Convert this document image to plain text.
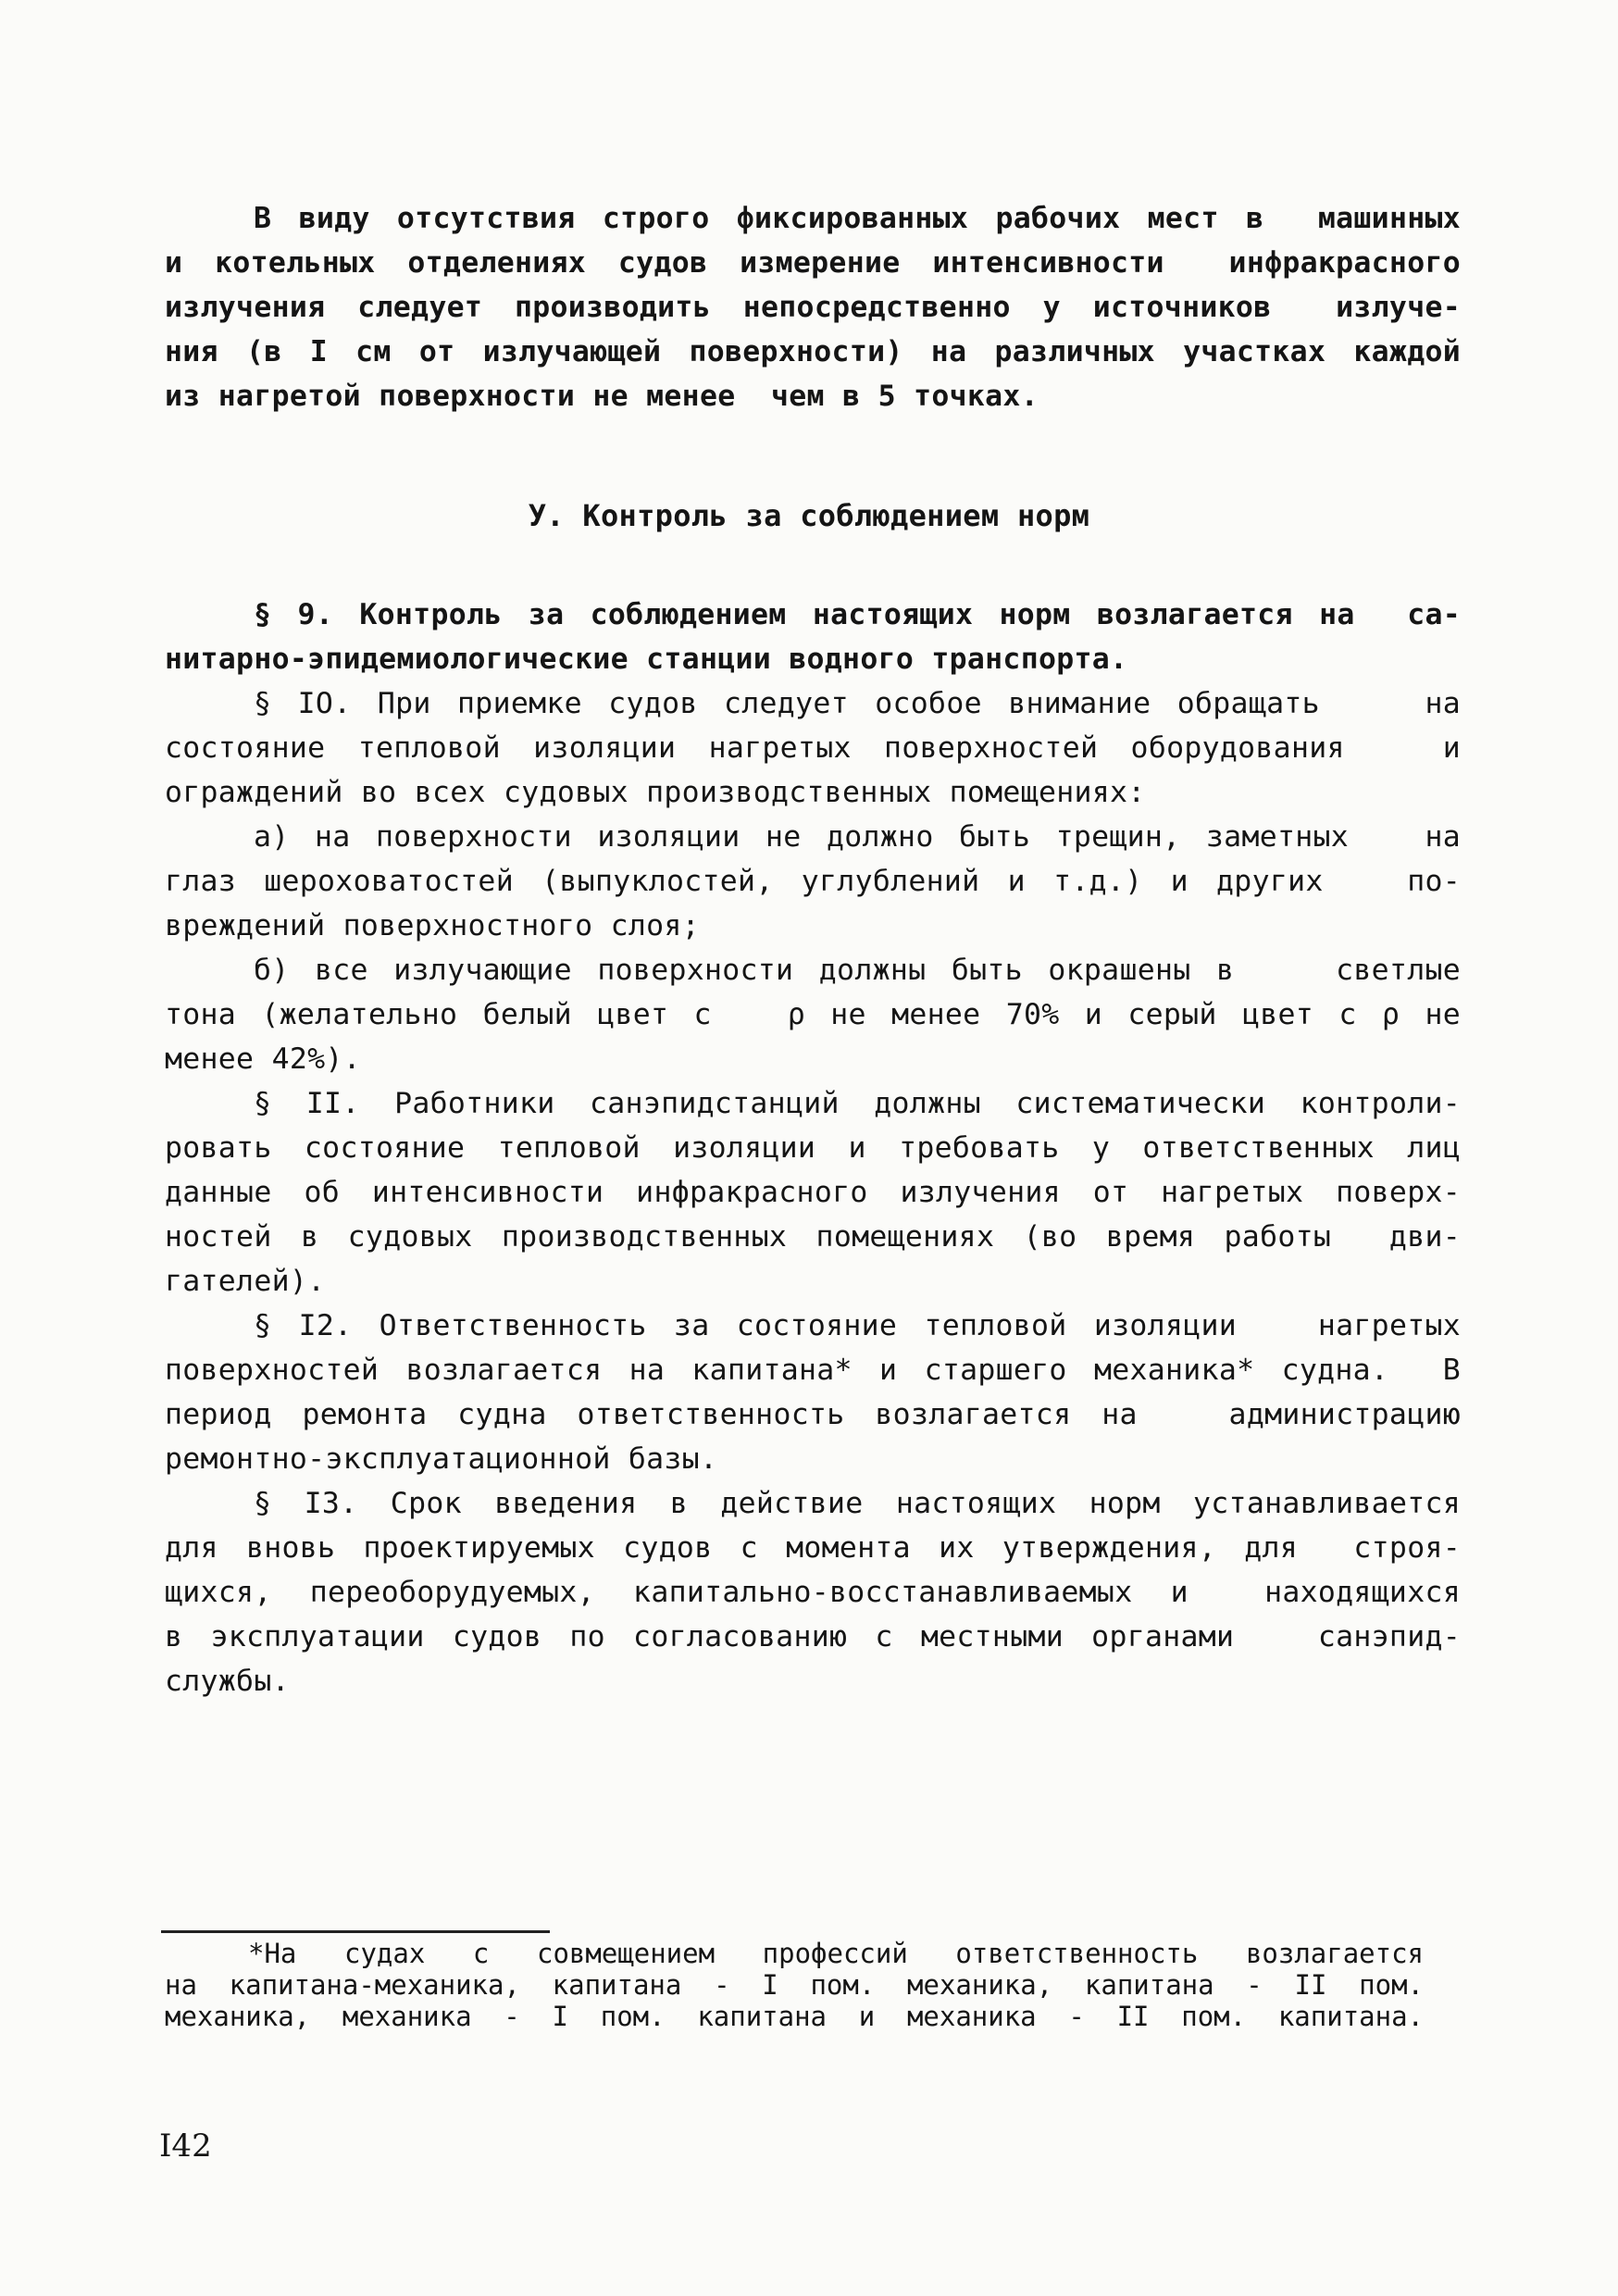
В виду отсутствия строго фиксированных рабочих мест в  машинных
и котельных отделениях судов измерение интенсивности  инфракрасного
излучения следует производить непосредственно у источников  излуче-
ния (в I см от излучающей поверхности) на различных участках каждой
из нагретой поверхности не менее  чем в 5 точках.
У. Контроль за соблюдением норм
§ 9. Контроль за соблюдением настоящих норм возлагается на  са-
нитарно-эпидемиологические станции водного транспорта.
§ IO. При приемке судов следует особое внимание обращать    на
состояние тепловой изоляции нагретых поверхностей оборудования   и
ограждений во всех судовых производственных помещениях:
а) на поверхности изоляции не должно быть трещин, заметных   на
глаз шероховатостей (выпуклостей, углублений и т.д.) и других   по-
вреждений поверхностного слоя;
б) все излучающие поверхности должны быть окрашены в    светлые
тона (желательно белый цвет с   ρ не менее 70% и серый цвет с ρ не
менее 42%).
§ II. Работники санэпидстанций должны систематически контроли-
ровать состояние тепловой изоляции и требовать у ответственных лиц
данные об интенсивности инфракрасного излучения от нагретых поверх-
ностей в судовых производственных помещениях (во время работы  дви-
гателей).
§ I2. Ответственность за состояние тепловой изоляции   нагретых
поверхностей возлагается на капитана* и старшего механика* судна.  В
период ремонта судна ответственность возлагается на   администрацию
ремонтно-эксплуатационной базы.
§ I3. Срок введения в действие настоящих норм устанавливается
для вновь проектируемых судов с момента их утверждения, для  строя-
щихся, переоборудуемых, капитально-восстанавливаемых и  находящихся
в эксплуатации судов по согласованию с местными органами   санэпид-
службы.
*На судах с совмещением профессий ответственность возлагается
на капитана-механика, капитана - I пом. механика, капитана - II пом.
механика, механика - I пом. капитана и механика - II пом. капитана.
I42
